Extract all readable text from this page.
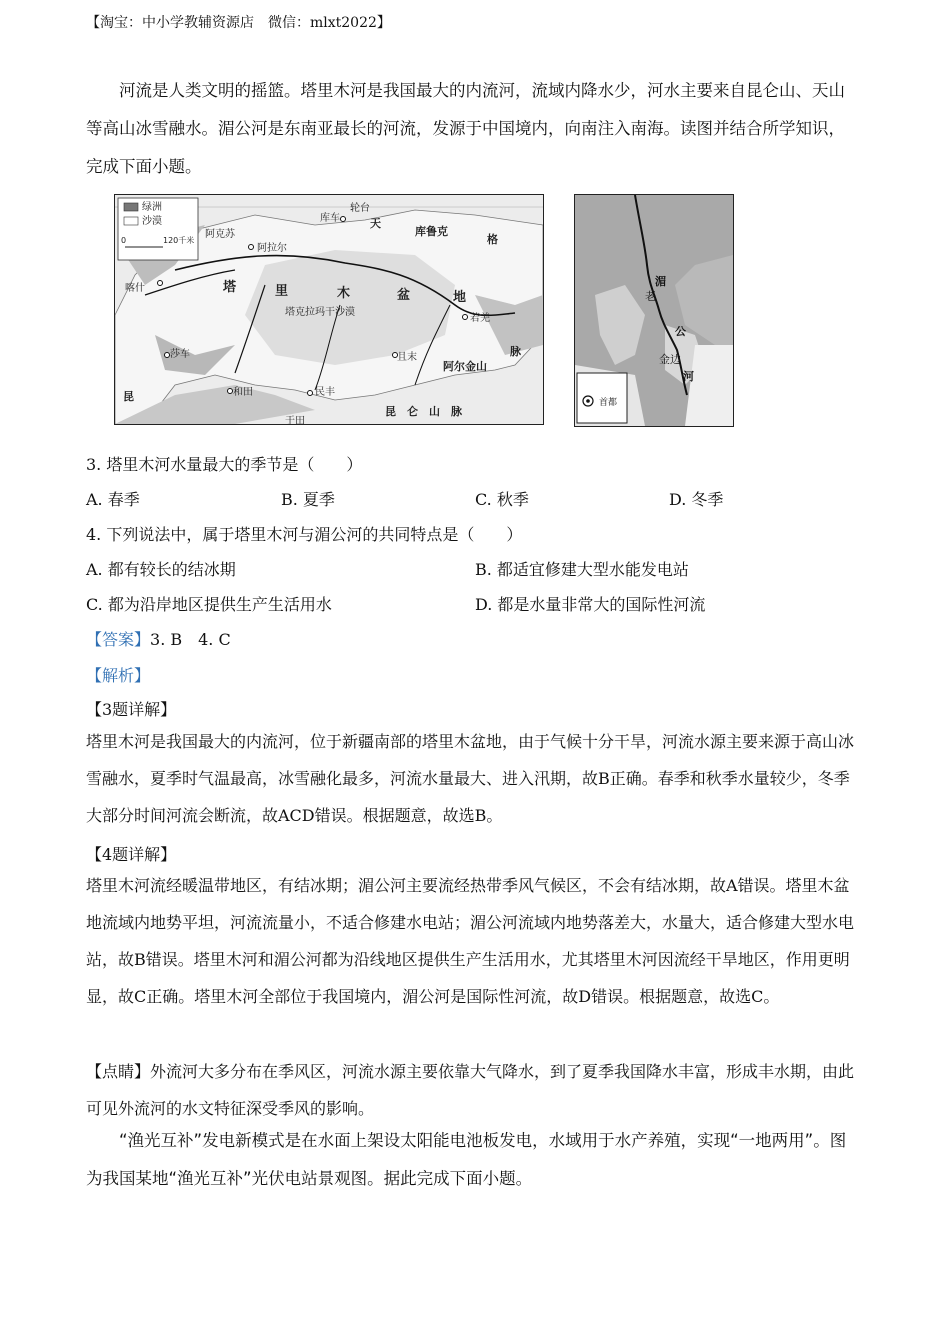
【淘宝：中小学教辅资源店　微信：mlxt2022】
河流是人类文明的摇篮。塔里木河是我国最大的内流河，流域内降水少，河水主要来自昆仑山、天山等高山冰雪融水。湄公河是东南亚最长的河流，发源于中国境内，向南注入南海。读图并结合所学知识，完成下面小题。
绿洲
沙漠
0	120千米
天
轮台
库车
库鲁克
格
阿克苏
阿拉尔
喀什	塔	里	木	盆	地
塔克拉玛干沙漠
若羌
莎车
和田
于田
民丰
且末
阿尔金山
脉
昆　仑　山　脉
昆
湄
公
河
老
金边
首都
3. 塔里木河水量最大的季节是（　　）
A. 春季	B. 夏季	C. 秋季	D. 冬季
4. 下列说法中，属于塔里木河与湄公河的共同特点是（　　）
A. 都有较长的结冰期	B. 都适宜修建大型水能发电站
C. 都为沿岸地区提供生产生活用水	D. 都是水量非常大的国际性河流
【答案】3. B　4. C
【解析】
【3题详解】
塔里木河是我国最大的内流河，位于新疆南部的塔里木盆地，由于气候十分干旱，河流水源主要来源于高山冰雪融水，夏季时气温最高，冰雪融化最多，河流水量最大、进入汛期，故B正确。春季和秋季水量较少，冬季大部分时间河流会断流，故ACD错误。根据题意，故选B。
【4题详解】
塔里木河流经暖温带地区，有结冰期；湄公河主要流经热带季风气候区，不会有结冰期，故A错误。塔里木盆地流域内地势平坦，河流流量小，不适合修建水电站；湄公河流域内地势落差大，水量大，适合修建大型水电站，故B错误。塔里木河和湄公河都为沿线地区提供生产生活用水，尤其塔里木河因流经干旱地区，作用更明显，故C正确。塔里木河全部位于我国境内，湄公河是国际性河流，故D错误。根据题意，故选C。
【点睛】外流河大多分布在季风区，河流水源主要依靠大气降水，到了夏季我国降水丰富，形成丰水期，由此可见外流河的水文特征深受季风的影响。
“渔光互补”发电新模式是在水面上架设太阳能电池板发电，水域用于水产养殖，实现“一地两用”。图为我国某地“渔光互补”光伏电站景观图。据此完成下面小题。
